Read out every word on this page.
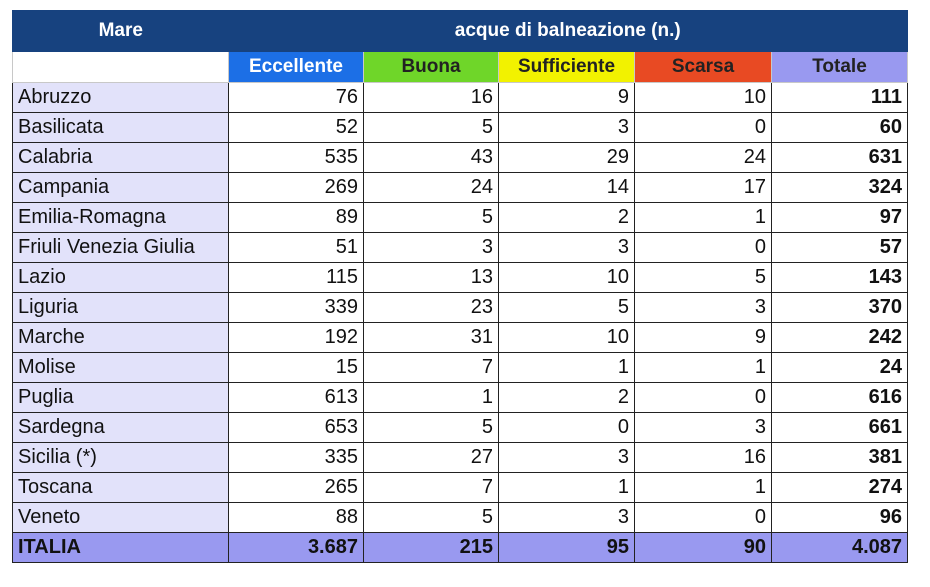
Mare	acque di balneazione (n.)				
	Eccellente	Buona	Sufficiente	Scarsa	Totale
Abruzzo	76	16	9	10	111
Basilicata	52	5	3	0	60
Calabria	535	43	29	24	631
Campania	269	24	14	17	324
Emilia-Romagna	89	5	2	1	97
Friuli Venezia Giulia	51	3	3	0	57
Lazio	115	13	10	5	143
Liguria	339	23	5	3	370
Marche	192	31	10	9	242
Molise	15	7	1	1	24
Puglia	613	1	2	0	616
Sardegna	653	5	0	3	661
Sicilia (*)	335	27	3	16	381
Toscana	265	7	1	1	274
Veneto	88	5	3	0	96
ITALIA	3.687	215	95	90	4.087
